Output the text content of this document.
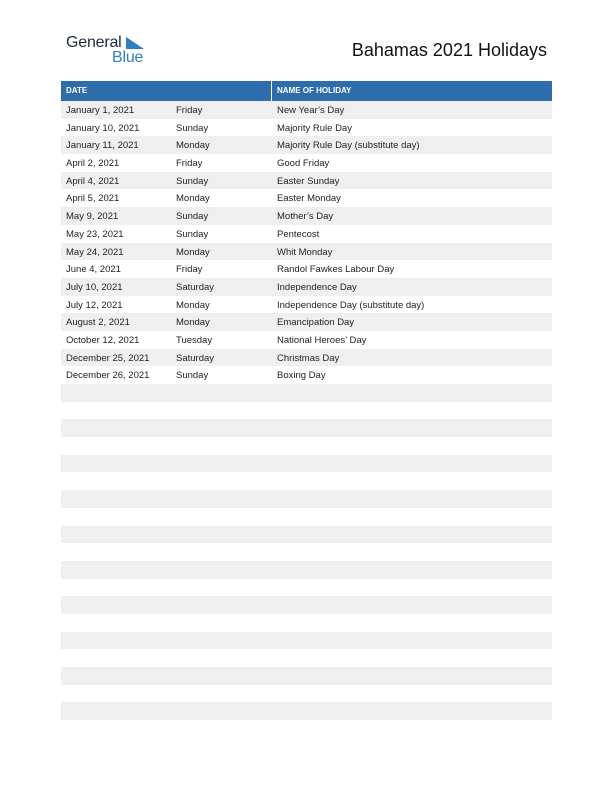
General
Blue	Bahamas 2021 Holidays
DATE	NAME OF HOLIDAY
January 1, 2021	Friday	New Year’s Day
January 10, 2021	Sunday	Majority Rule Day
January 11, 2021	Monday	Majority Rule Day (substitute day)
April 2, 2021	Friday	Good Friday
April 4, 2021	Sunday	Easter Sunday
April 5, 2021	Monday	Easter Monday
May 9, 2021	Sunday	Mother’s Day
May 23, 2021	Sunday	Pentecost
May 24, 2021	Monday	Whit Monday
June 4, 2021	Friday	Randol Fawkes Labour Day
July 10, 2021	Saturday	Independence Day
July 12, 2021	Monday	Independence Day (substitute day)
August 2, 2021	Monday	Emancipation Day
October 12, 2021	Tuesday	National Heroes’ Day
December 25, 2021	Saturday	Christmas Day
December 26, 2021	Sunday	Boxing Day
